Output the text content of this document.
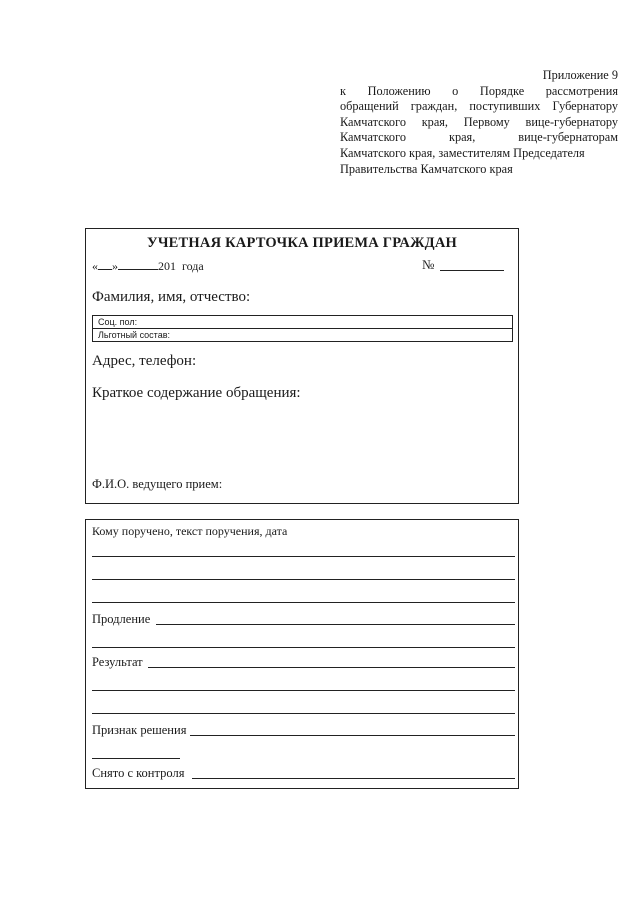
Приложение 9
к Положению о Порядке рассмотрения
обращений граждан, поступивших Губернатору
Камчатского края, Первому вице-губернатору
Камчатского края, вице-губернаторам
Камчатского края, заместителям Председателя
Правительства Камчатского края
УЧЕТНАЯ КАРТОЧКА ПРИЕМА ГРАЖДАН
« »	201 года	№
Фамилия, имя, отчество:
Соц. пол:
Льготный состав:
Адрес, телефон:
Краткое содержание обращения:
Ф.И.О. ведущего прием:
Кому поручено, текст поручения, дата
Продление
Результат
Признак решения
Снято с контроля
